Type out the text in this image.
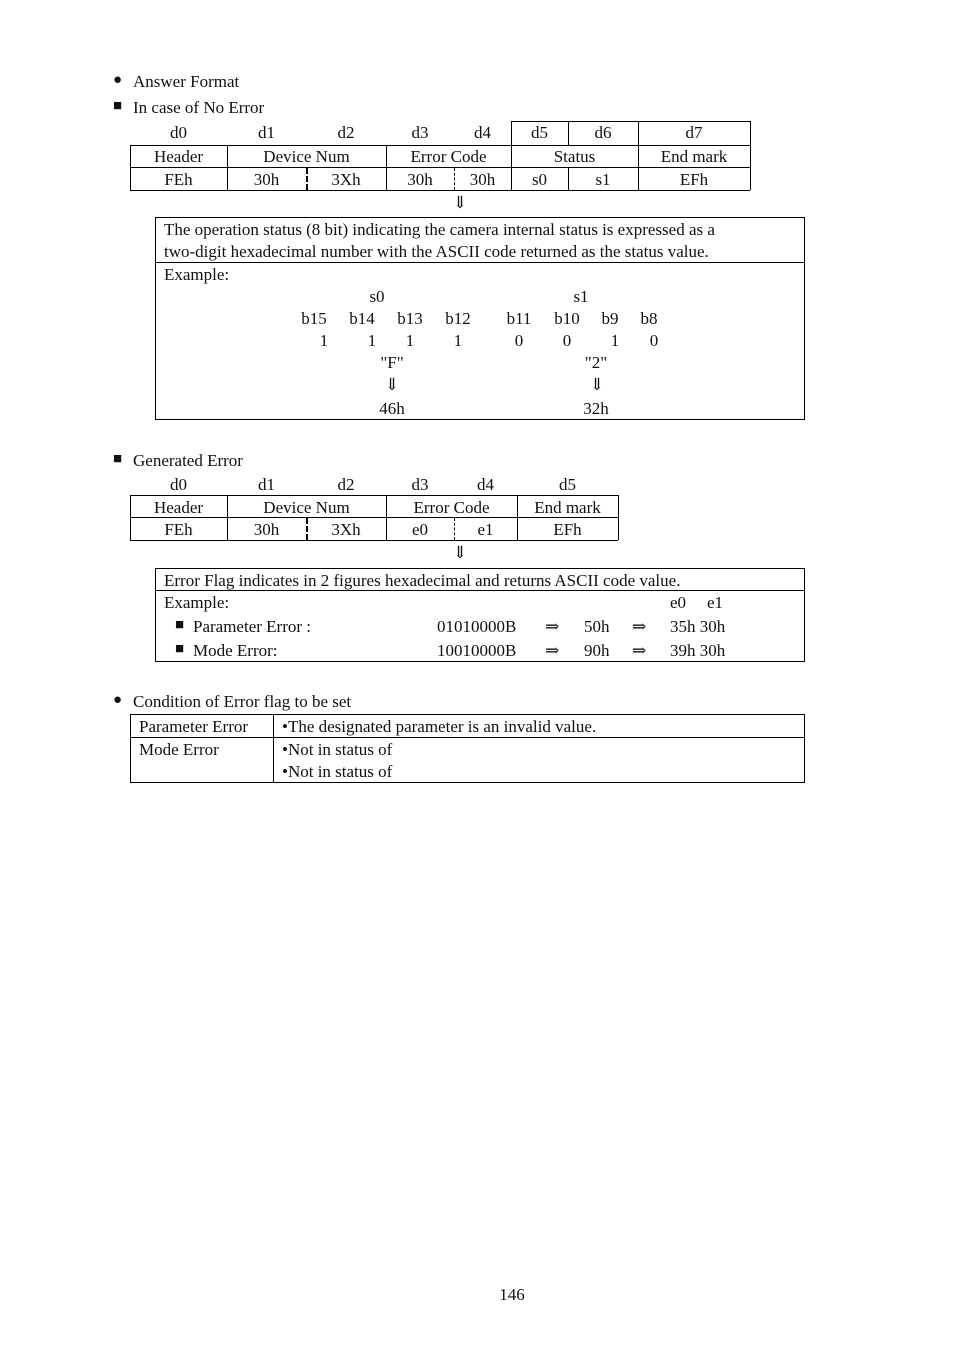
● Answer Format
■ In case of No Error
d0	d1	d2	d3	d4	d5	d6	d7
Header	Device Num	Error Code	Status	End mark
FEh	30h	3Xh	30h	30h	s0	s1	EFh
⇓
The operation status (8 bit) indicating the camera internal status is expressed as a
two-digit hexadecimal number with the ASCII code returned as the status value.
Example:
s0	s1
b15	b14	b13	b12	b11	b10	b9	b8
1	1	1	1	0	0	1	0
"F"	"2"
⇓	⇓
46h	32h
■ Generated Error
d0	d1	d2	d3	d4	d5
Header	Device Num	Error Code	End mark
FEh	30h	3Xh	e0	e1	EFh
⇓
Error Flag indicates in 2 figures hexadecimal and returns ASCII code value.
Example:	e0 e1
■ Parameter Error :	01010000B ⇒ 50h ⇒ 35h 30h
■ Mode Error:	10010000B ⇒ 90h ⇒ 39h 30h
● Condition of Error flag to be set
Parameter Error •The designated parameter is an invalid value.
Mode Error	•Not in status of
•Not in status of
146
